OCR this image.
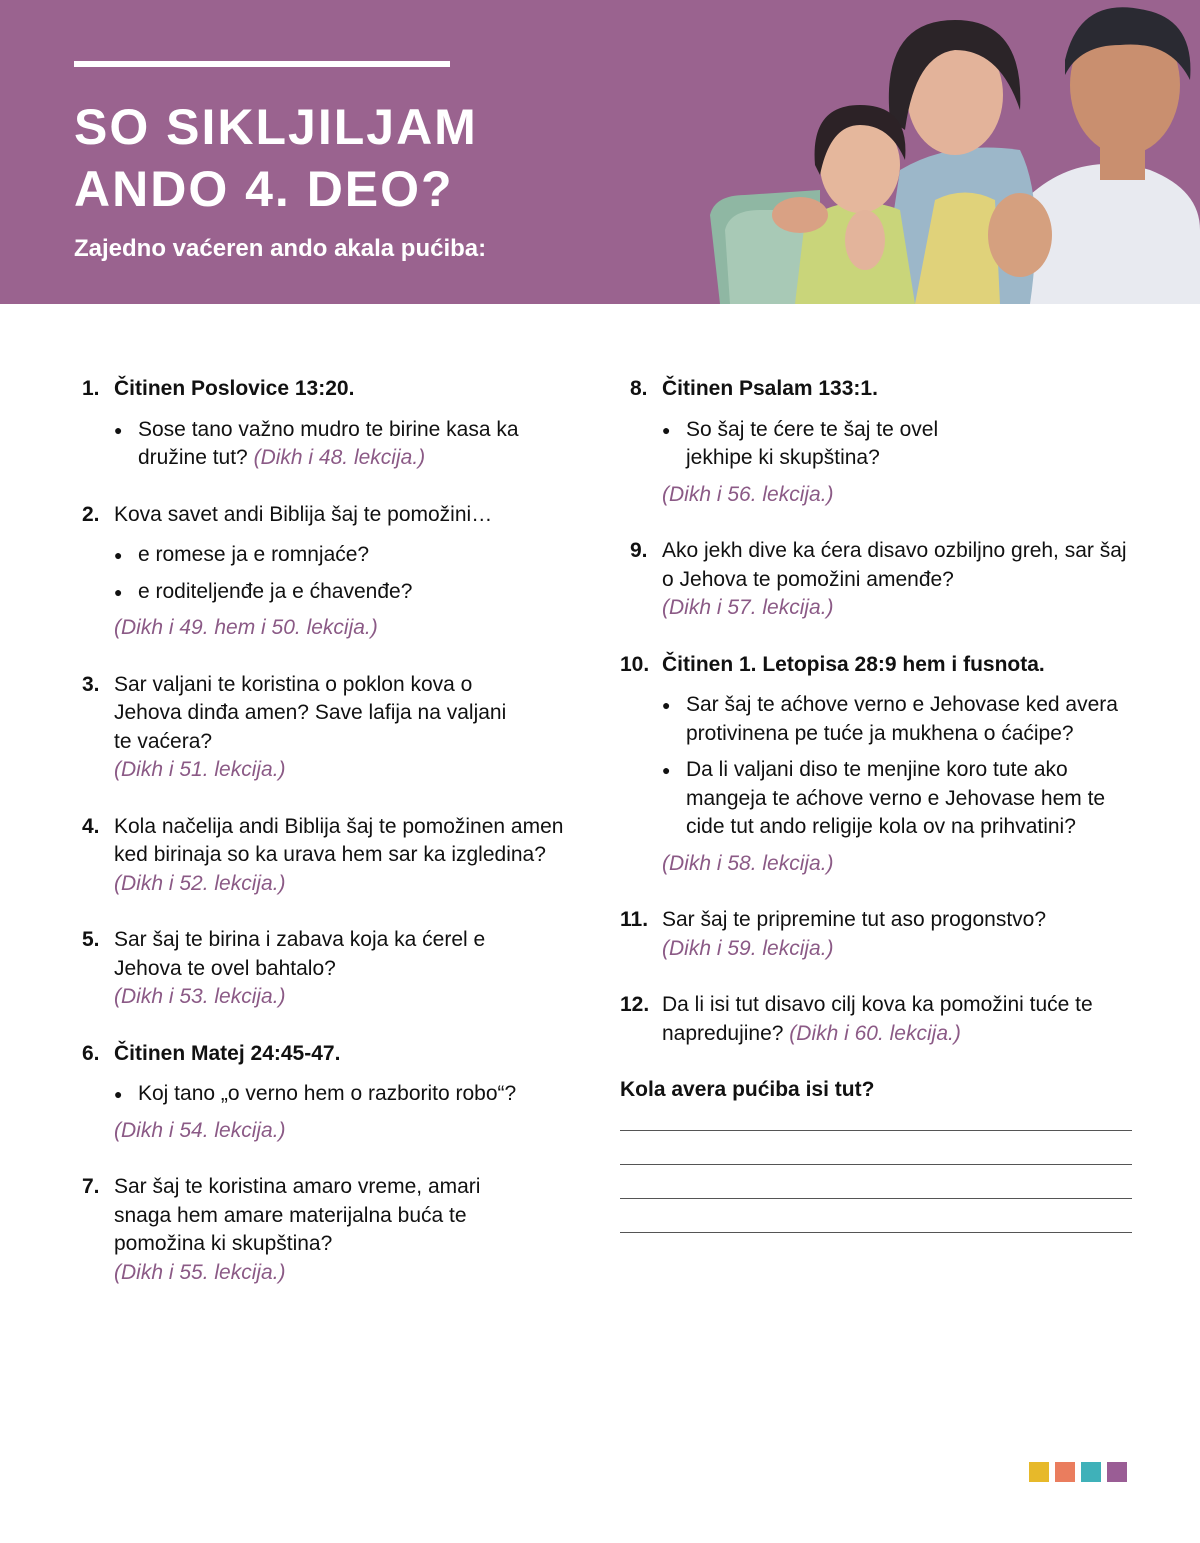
SO SIKLJILJAM ANDO 4. DEO?

Zajedno vaćeren ando akala pućiba:

1. Čitinen Poslovice 13:20.
● Sose tano važno mudro te birine kasa ka družine tut? (Dikh i 48. lekcija.)
2. Kova savet andi Biblija šaj te pomožini…
● e romese ja e romnjaće?
● e roditeljenđe ja e ćhavenđe?
(Dikh i 49. hem i 50. lekcija.)
3. Sar valjani te koristina o poklon kova o Jehova dinđa amen? Save lafija na valjani te vaćera?
(Dikh i 51. lekcija.)
4. Kola načelija andi Biblija šaj te pomožinen amen ked birinaja so ka urava hem sar ka izgledina? (Dikh i 52. lekcija.)
5. Sar šaj te birina i zabava koja ka ćerel e Jehova te ovel bahtalo?
(Dikh i 53. lekcija.)
6. Čitinen Matej 24:45-47.
● Koj tano „o verno hem o razborito robo“?
(Dikh i 54. lekcija.)
7. Sar šaj te koristina amaro vreme, amari snaga hem amare materijalna buća te pomožina ki skupština?
(Dikh i 55. lekcija.)
8. Čitinen Psalam 133:1.
● So šaj te ćere te šaj te ovel jekhipe ki skupština?
(Dikh i 56. lekcija.)
9. Ako jekh dive ka ćera disavo ozbiljno greh, sar šaj o Jehova te pomožini amenđe?
(Dikh i 57. lekcija.)
10. Čitinen 1. Letopisa 28:9 hem i fusnota.
● Sar šaj te aćhove verno e Jehovase ked avera protivinena pe tuće ja mukhena o ćaćipe?
● Da li valjani diso te menjine koro tute ako mangeja te aćhove verno e Jehovase hem te cide tut ando religije kola ov na prihvatini?
(Dikh i 58. lekcija.)
11. Sar šaj te pripremine tut aso progonstvo?
(Dikh i 59. lekcija.)
12. Da li isi tut disavo cilj kova ka pomožini tuće te napredujine? (Dikh i 60. lekcija.)
Kola avera pućiba isi tut?
